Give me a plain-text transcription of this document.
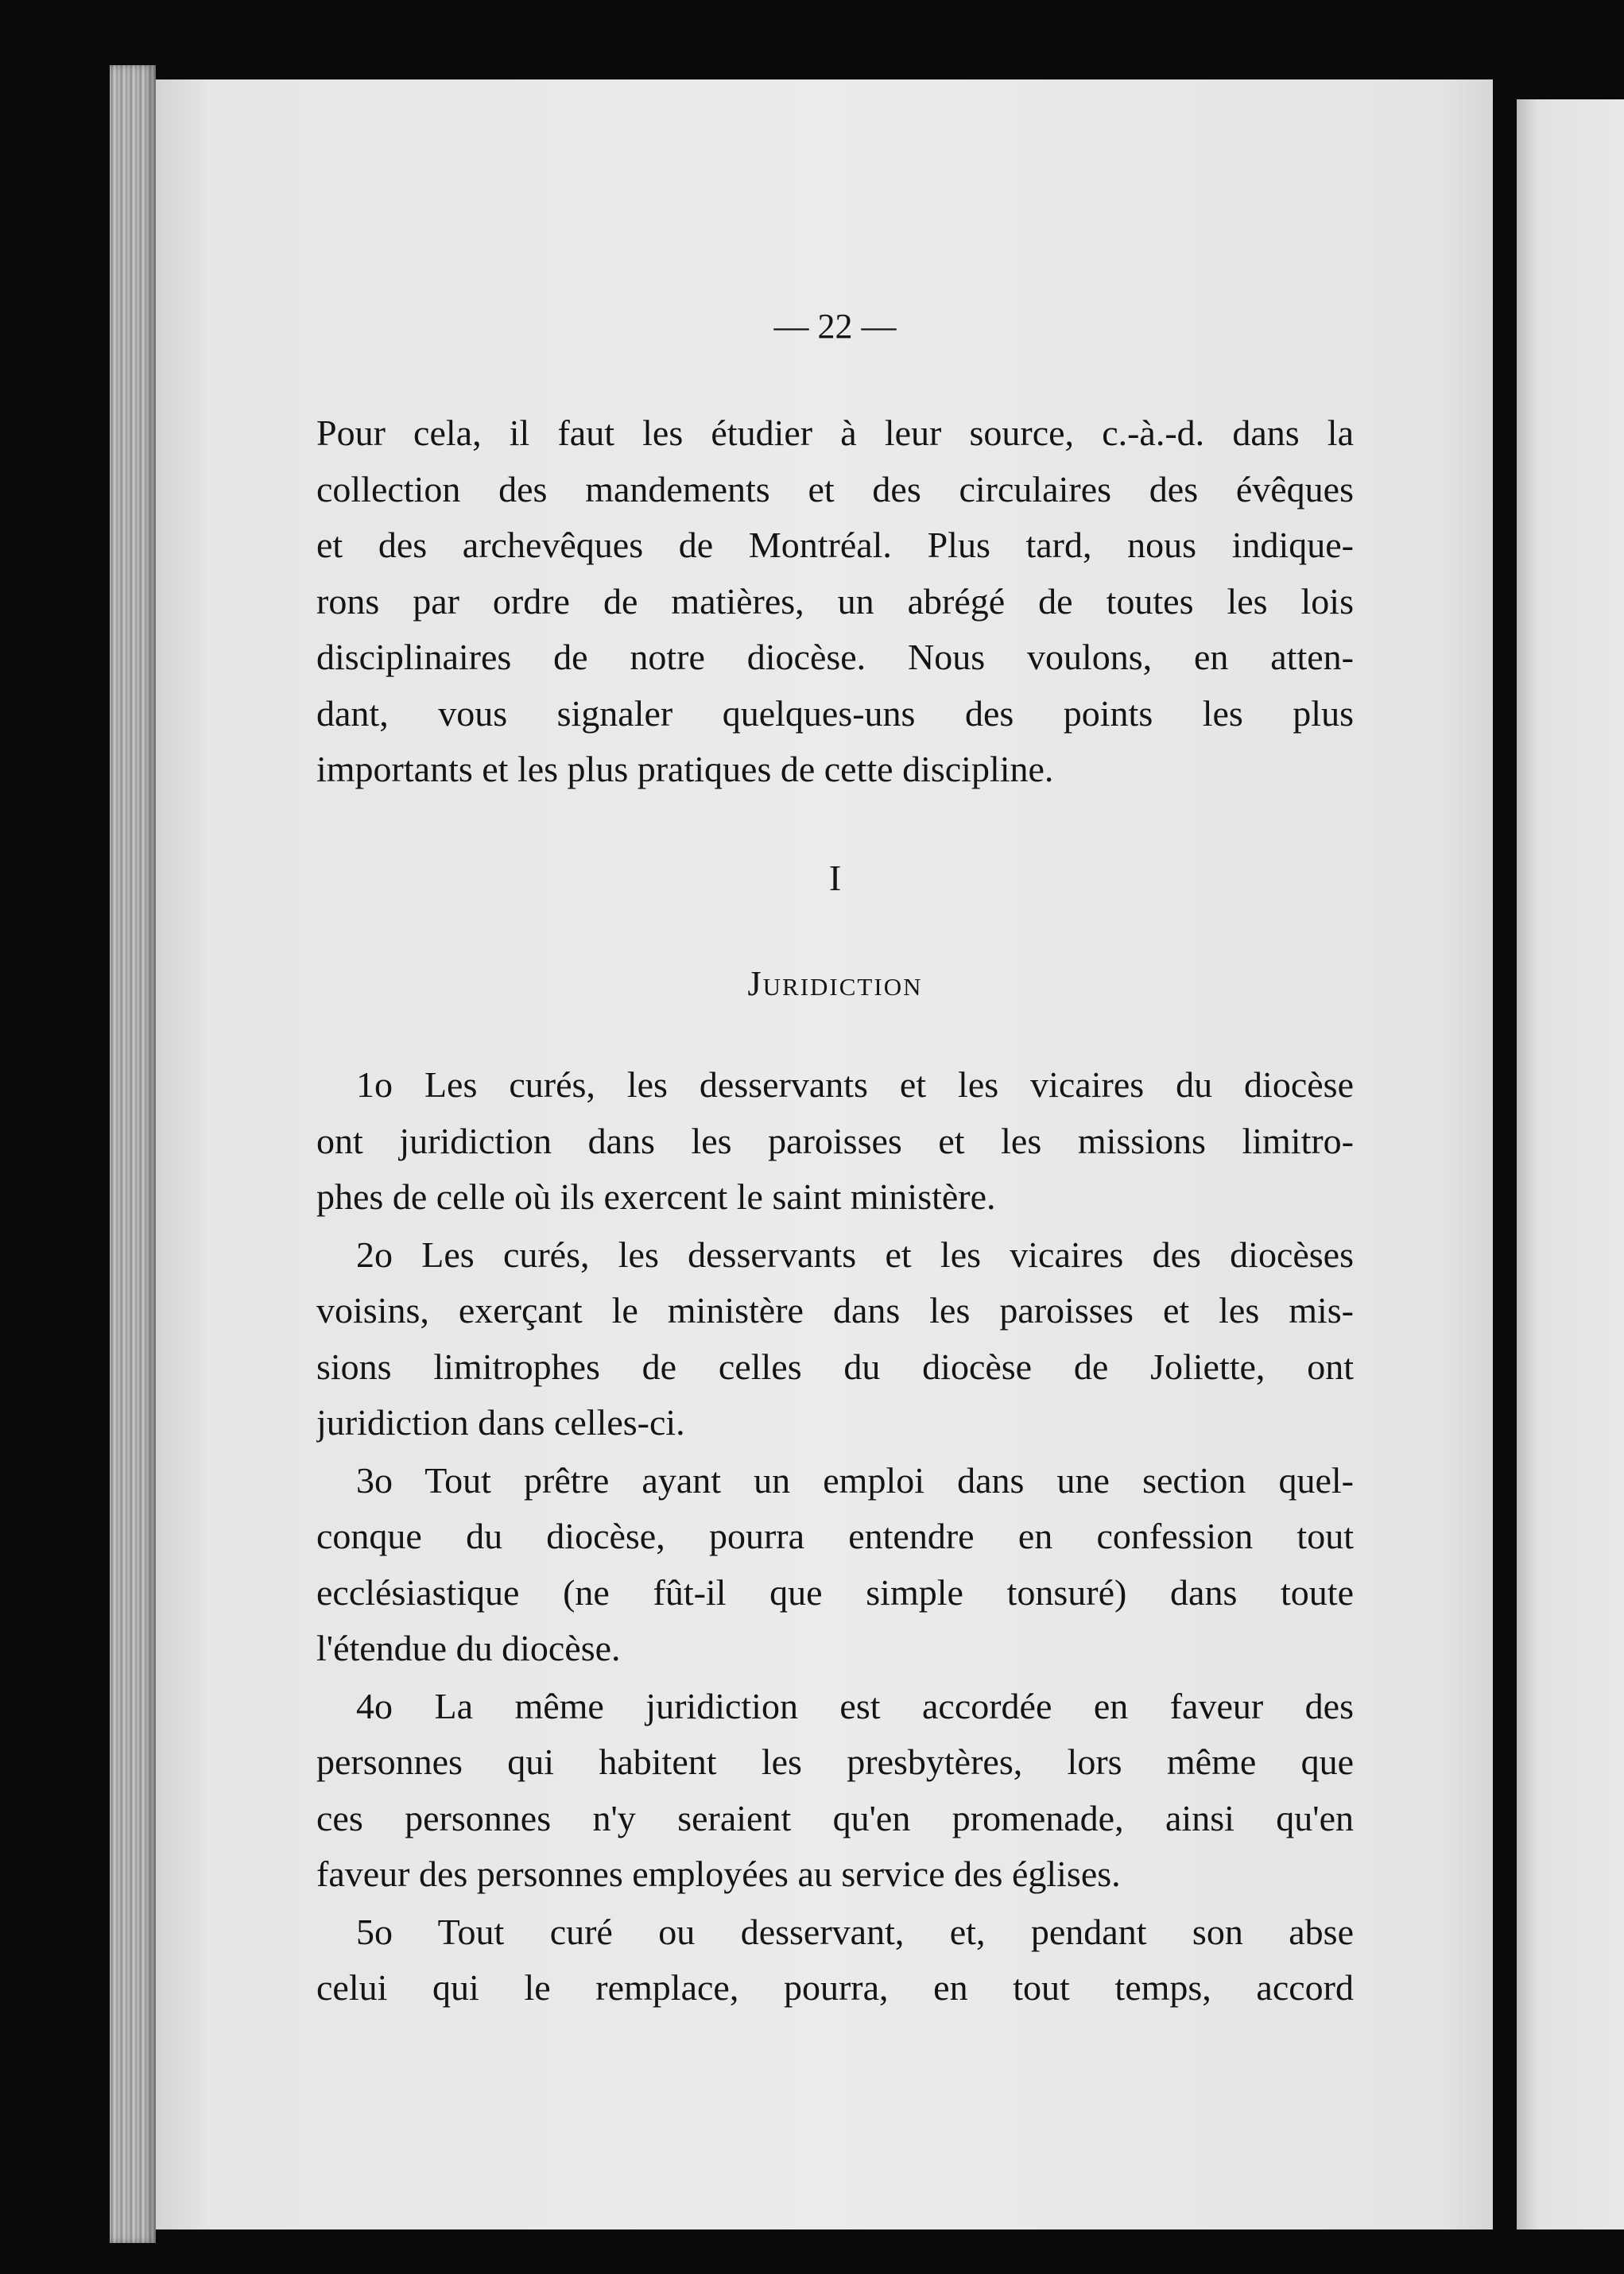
— 22 —
Pour cela, il faut les étudier à leur source, c.-à.-d. dans la
collection des mandements et des circulaires des évêques
et des archevêques de Montréal. Plus tard, nous indique-
rons par ordre de matières, un abrégé de toutes les lois
disciplinaires de notre diocèse. Nous voulons, en atten-
dant, vous signaler quelques-uns des points les plus
importants et les plus pratiques de cette discipline.
I
Juridiction
1o Les curés, les desservants et les vicaires du diocèse
ont juridiction dans les paroisses et les missions limitro-
phes de celle où ils exercent le saint ministère.
2o Les curés, les desservants et les vicaires des diocèses
voisins, exerçant le ministère dans les paroisses et les mis-
sions limitrophes de celles du diocèse de Joliette, ont
juridiction dans celles-ci.
3o Tout prêtre ayant un emploi dans une section quel-
conque du diocèse, pourra entendre en confession tout
ecclésiastique (ne fût-il que simple tonsuré) dans toute
l'étendue du diocèse.
4o La même juridiction est accordée en faveur des
personnes qui habitent les presbytères, lors même que
ces personnes n'y seraient qu'en promenade, ainsi qu'en
faveur des personnes employées au service des églises.
5o Tout curé ou desservant, et, pendant son abse
celui qui le remplace, pourra, en tout temps, accord
